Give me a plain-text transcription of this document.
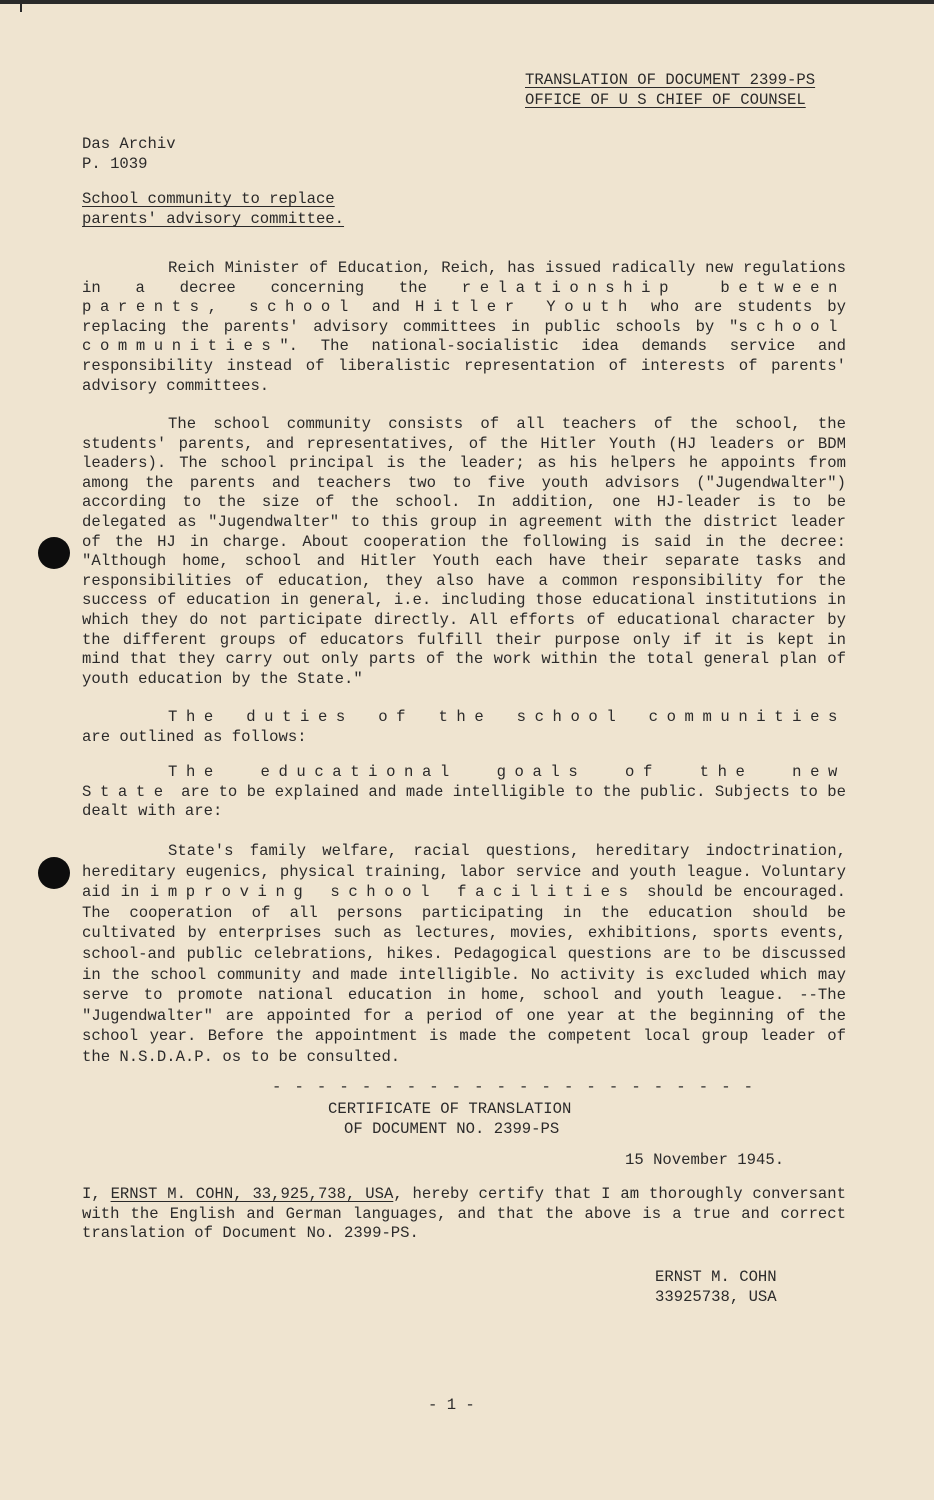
TRANSLATION OF DOCUMENT 2399-PS
OFFICE OF U S CHIEF OF COUNSEL
Das Archiv
P. 1039
School community to replace
parents' advisory committee.
Reich Minister of Education, Reich, has issued radically new regulations in a decree concerning the relationship between parents, school and Hitler Youth who are students by replacing the parents' advisory committees in public schools by "school communities". The national-socialistic idea demands service and responsibility instead of liberalistic representation of interests of parents' advisory committees.
The school community consists of all teachers of the school, the students' parents, and representatives, of the Hitler Youth (HJ leaders or BDM leaders). The school principal is the leader; as his helpers he appoints from among the parents and teachers two to five youth advisors ("Jugendwalter") according to the size of the school. In addition, one HJ-leader is to be delegated as "Jugendwalter" to this group in agreement with the district leader of the HJ in charge. About cooperation the following is said in the decree: "Although home, school and Hitler Youth each have their separate tasks and responsibilities of education, they also have a common responsibility for the success of education in general, i.e. including those educational institutions in which they do not participate directly. All efforts of educational character by the different groups of educators fulfill their purpose only if it is kept in mind that they carry out only parts of the work within the total general plan of youth education by the State."
The duties of the school communities are outlined as follows:
The educational goals of the new State are to be explained and made intelligible to the public. Subjects to be dealt with are:
State's family welfare, racial questions, hereditary indoctrination, hereditary eugenics, physical training, labor service and youth league. Voluntary aid in improving school facilities should be encouraged. The cooperation of all persons participating in the education should be cultivated by enterprises such as lectures, movies, exhibitions, sports events, school-and public celebrations, hikes. Pedagogical questions are to be discussed in the school community and made intelligible. No activity is excluded which may serve to promote national education in home, school and youth league. --The "Jugendwalter" are appointed for a period of one year at the beginning of the school year. Before the appointment is made the competent local group leader of the N.S.D.A.P. os to be consulted.
- - - - - - - - - - - - - - - - - - - - - -
CERTIFICATE OF TRANSLATION
OF DOCUMENT NO. 2399-PS
15 November 1945.
I, ERNST M. COHN, 33,925,738, USA, hereby certify that I am thoroughly conversant with the English and German languages, and that the above is a true and correct translation of Document No. 2399-PS.
ERNST M. COHN
33925738, USA
- 1 -
